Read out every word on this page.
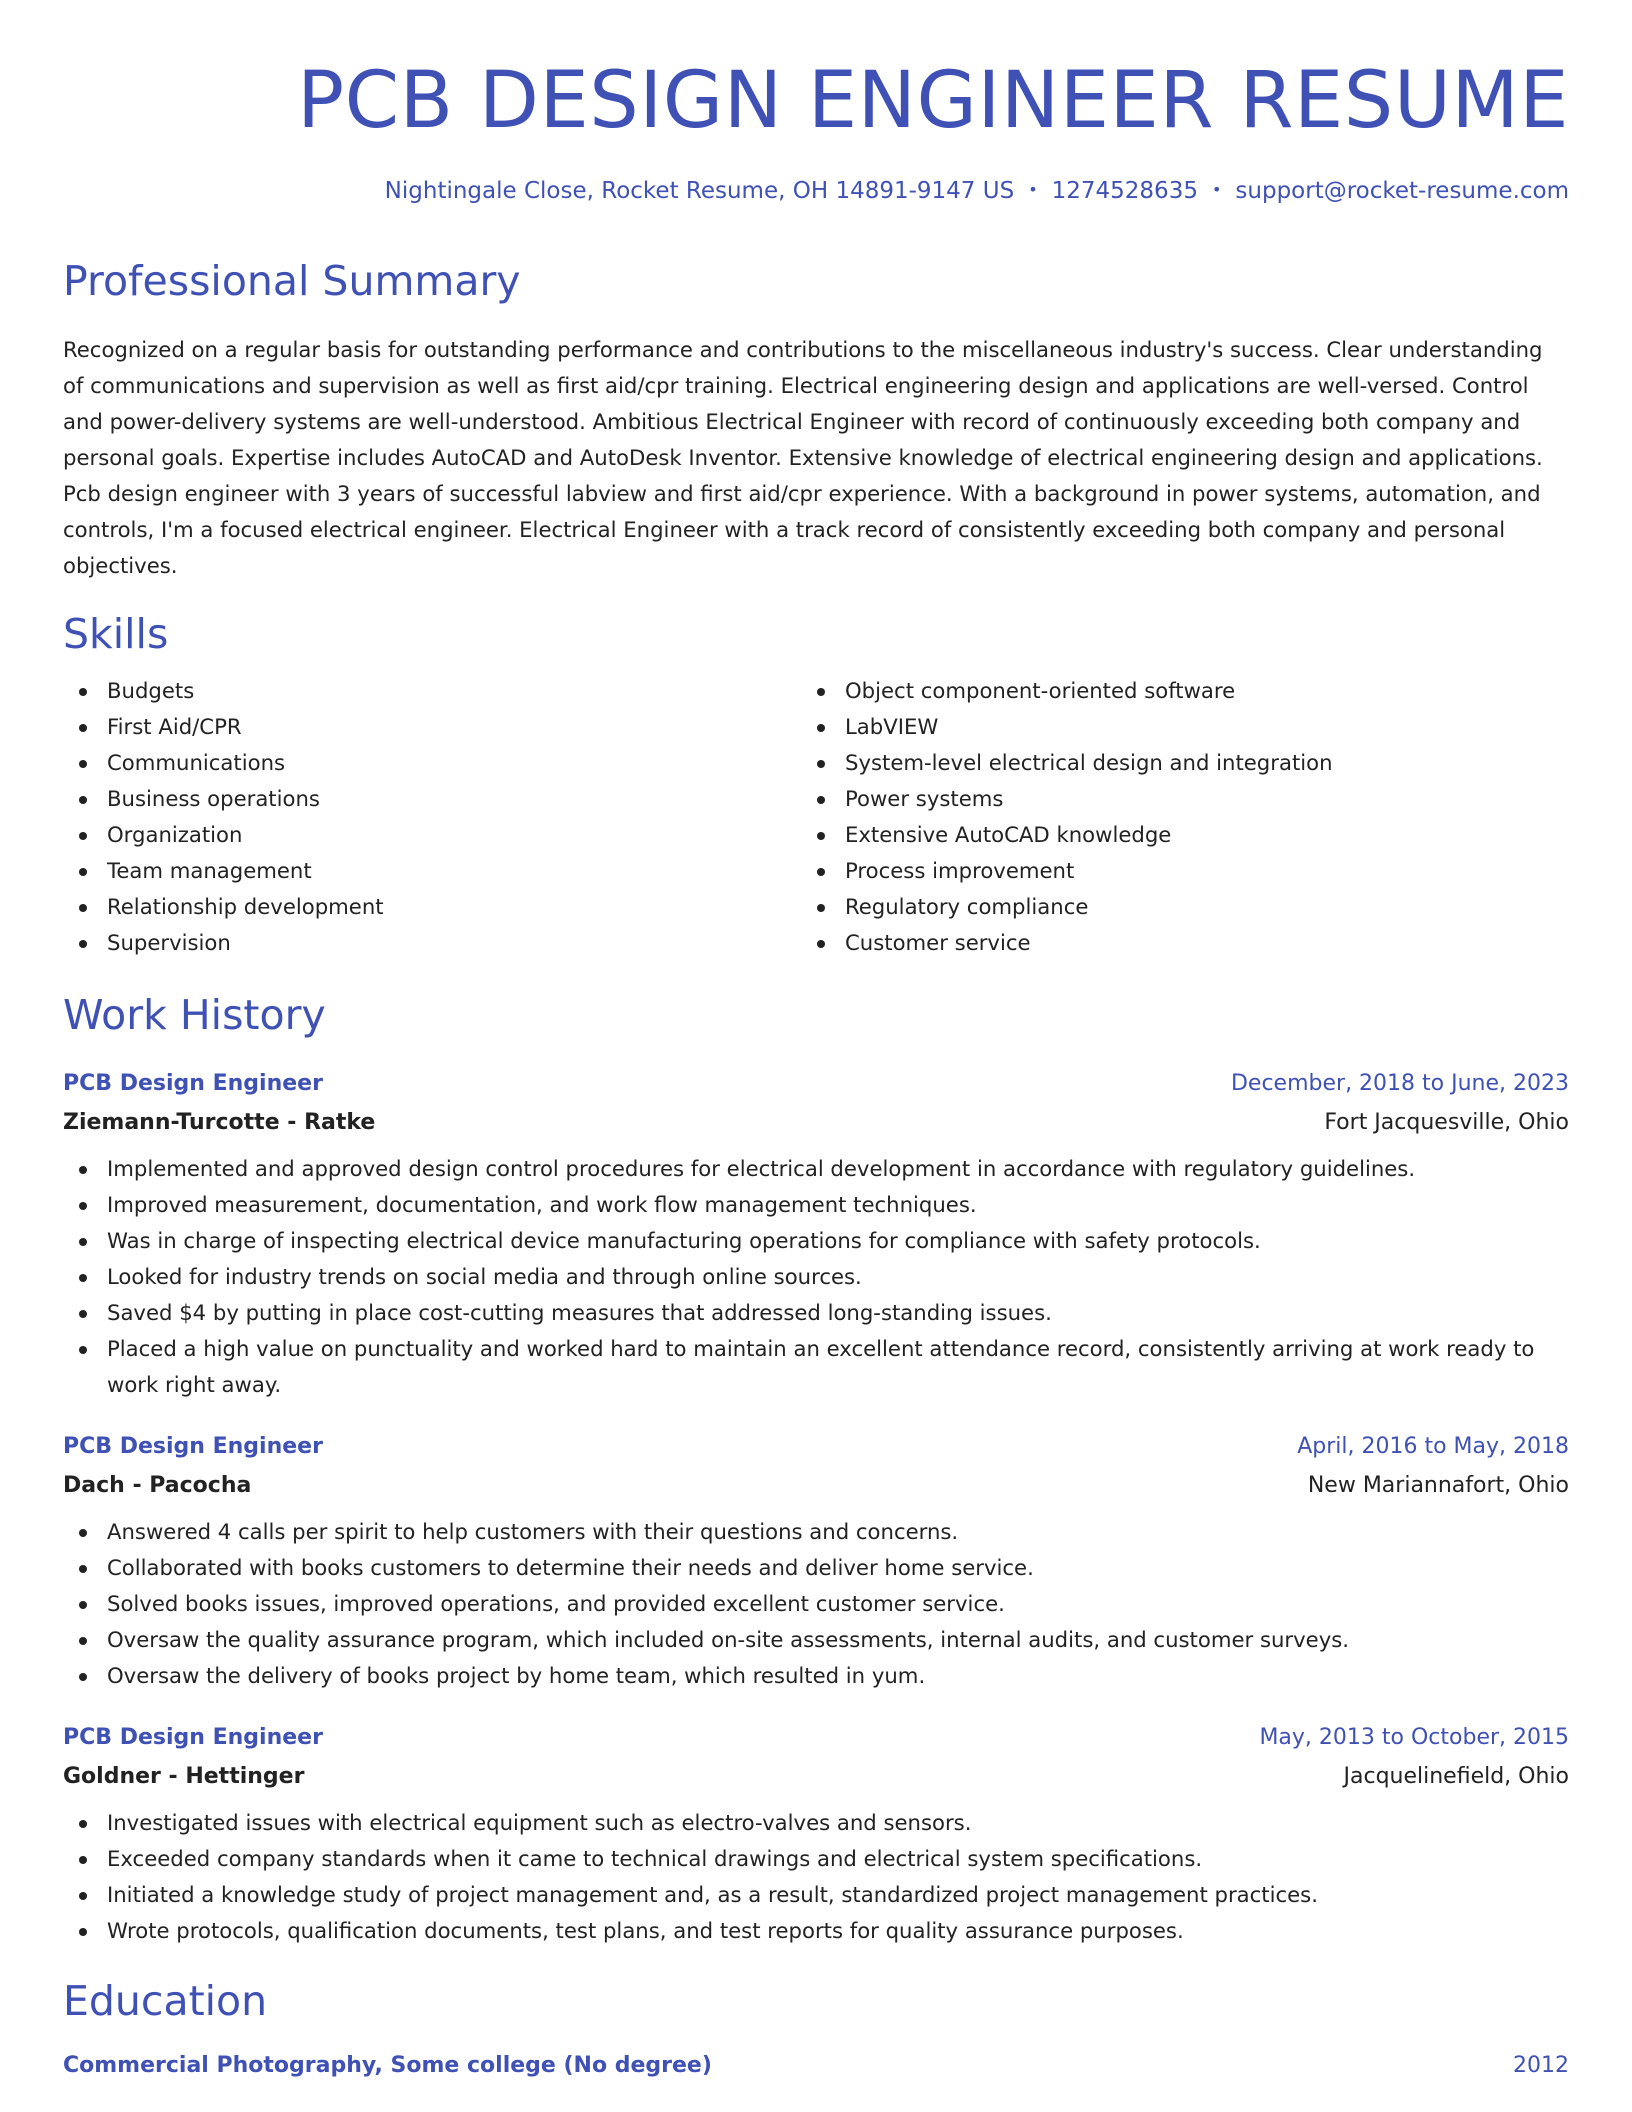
PCB DESIGN ENGINEER RESUME
Nightingale Close, Rocket Resume, OH 14891-9147 US • 1274528635 • support@rocket-resume.com
Professional Summary

Recognized on a regular basis for outstanding performance and contributions to the miscellaneous industry's success. Clear understanding of communications and supervision as well as first aid/cpr training. Electrical engineering design and applications are well-versed. Control and power-delivery systems are well-understood. Ambitious Electrical Engineer with record of continuously exceeding both company and personal goals. Expertise includes AutoCAD and AutoDesk Inventor. Extensive knowledge of electrical engineering design and applications. Pcb design engineer with 3 years of successful labview and first aid/cpr experience. With a background in power systems, automation, and controls, I'm a focused electrical engineer. Electrical Engineer with a track record of consistently exceeding both company and personal objectives.

Skills
Budgets
First Aid/CPR
Communications
Business operations
Organization
Team management
Relationship development
Supervision
Object component-oriented software
LabVIEW
System-level electrical design and integration
Power systems
Extensive AutoCAD knowledge
Process improvement
Regulatory compliance
Customer service
Work History
PCB Design Engineer	December, 2018 to June, 2023
Ziemann-Turcotte - Ratke	Fort Jacquesville, Ohio
Implemented and approved design control procedures for electrical development in accordance with regulatory guidelines.
Improved measurement, documentation, and work flow management techniques.
Was in charge of inspecting electrical device manufacturing operations for compliance with safety protocols.
Looked for industry trends on social media and through online sources.
Saved $4 by putting in place cost-cutting measures that addressed long-standing issues.
Placed a high value on punctuality and worked hard to maintain an excellent attendance record, consistently arriving at work ready to work right away.
PCB Design Engineer	April, 2016 to May, 2018
Dach - Pacocha	New Mariannafort, Ohio
Answered 4 calls per spirit to help customers with their questions and concerns.
Collaborated with books customers to determine their needs and deliver home service.
Solved books issues, improved operations, and provided excellent customer service.
Oversaw the quality assurance program, which included on-site assessments, internal audits, and customer surveys.
Oversaw the delivery of books project by home team, which resulted in yum.
PCB Design Engineer	May, 2013 to October, 2015
Goldner - Hettinger	Jacquelinefield, Ohio
Investigated issues with electrical equipment such as electro-valves and sensors.
Exceeded company standards when it came to technical drawings and electrical system specifications.
Initiated a knowledge study of project management and, as a result, standardized project management practices.
Wrote protocols, qualification documents, test plans, and test reports for quality assurance purposes.
Education
Commercial Photography, Some college (No degree)	2012
